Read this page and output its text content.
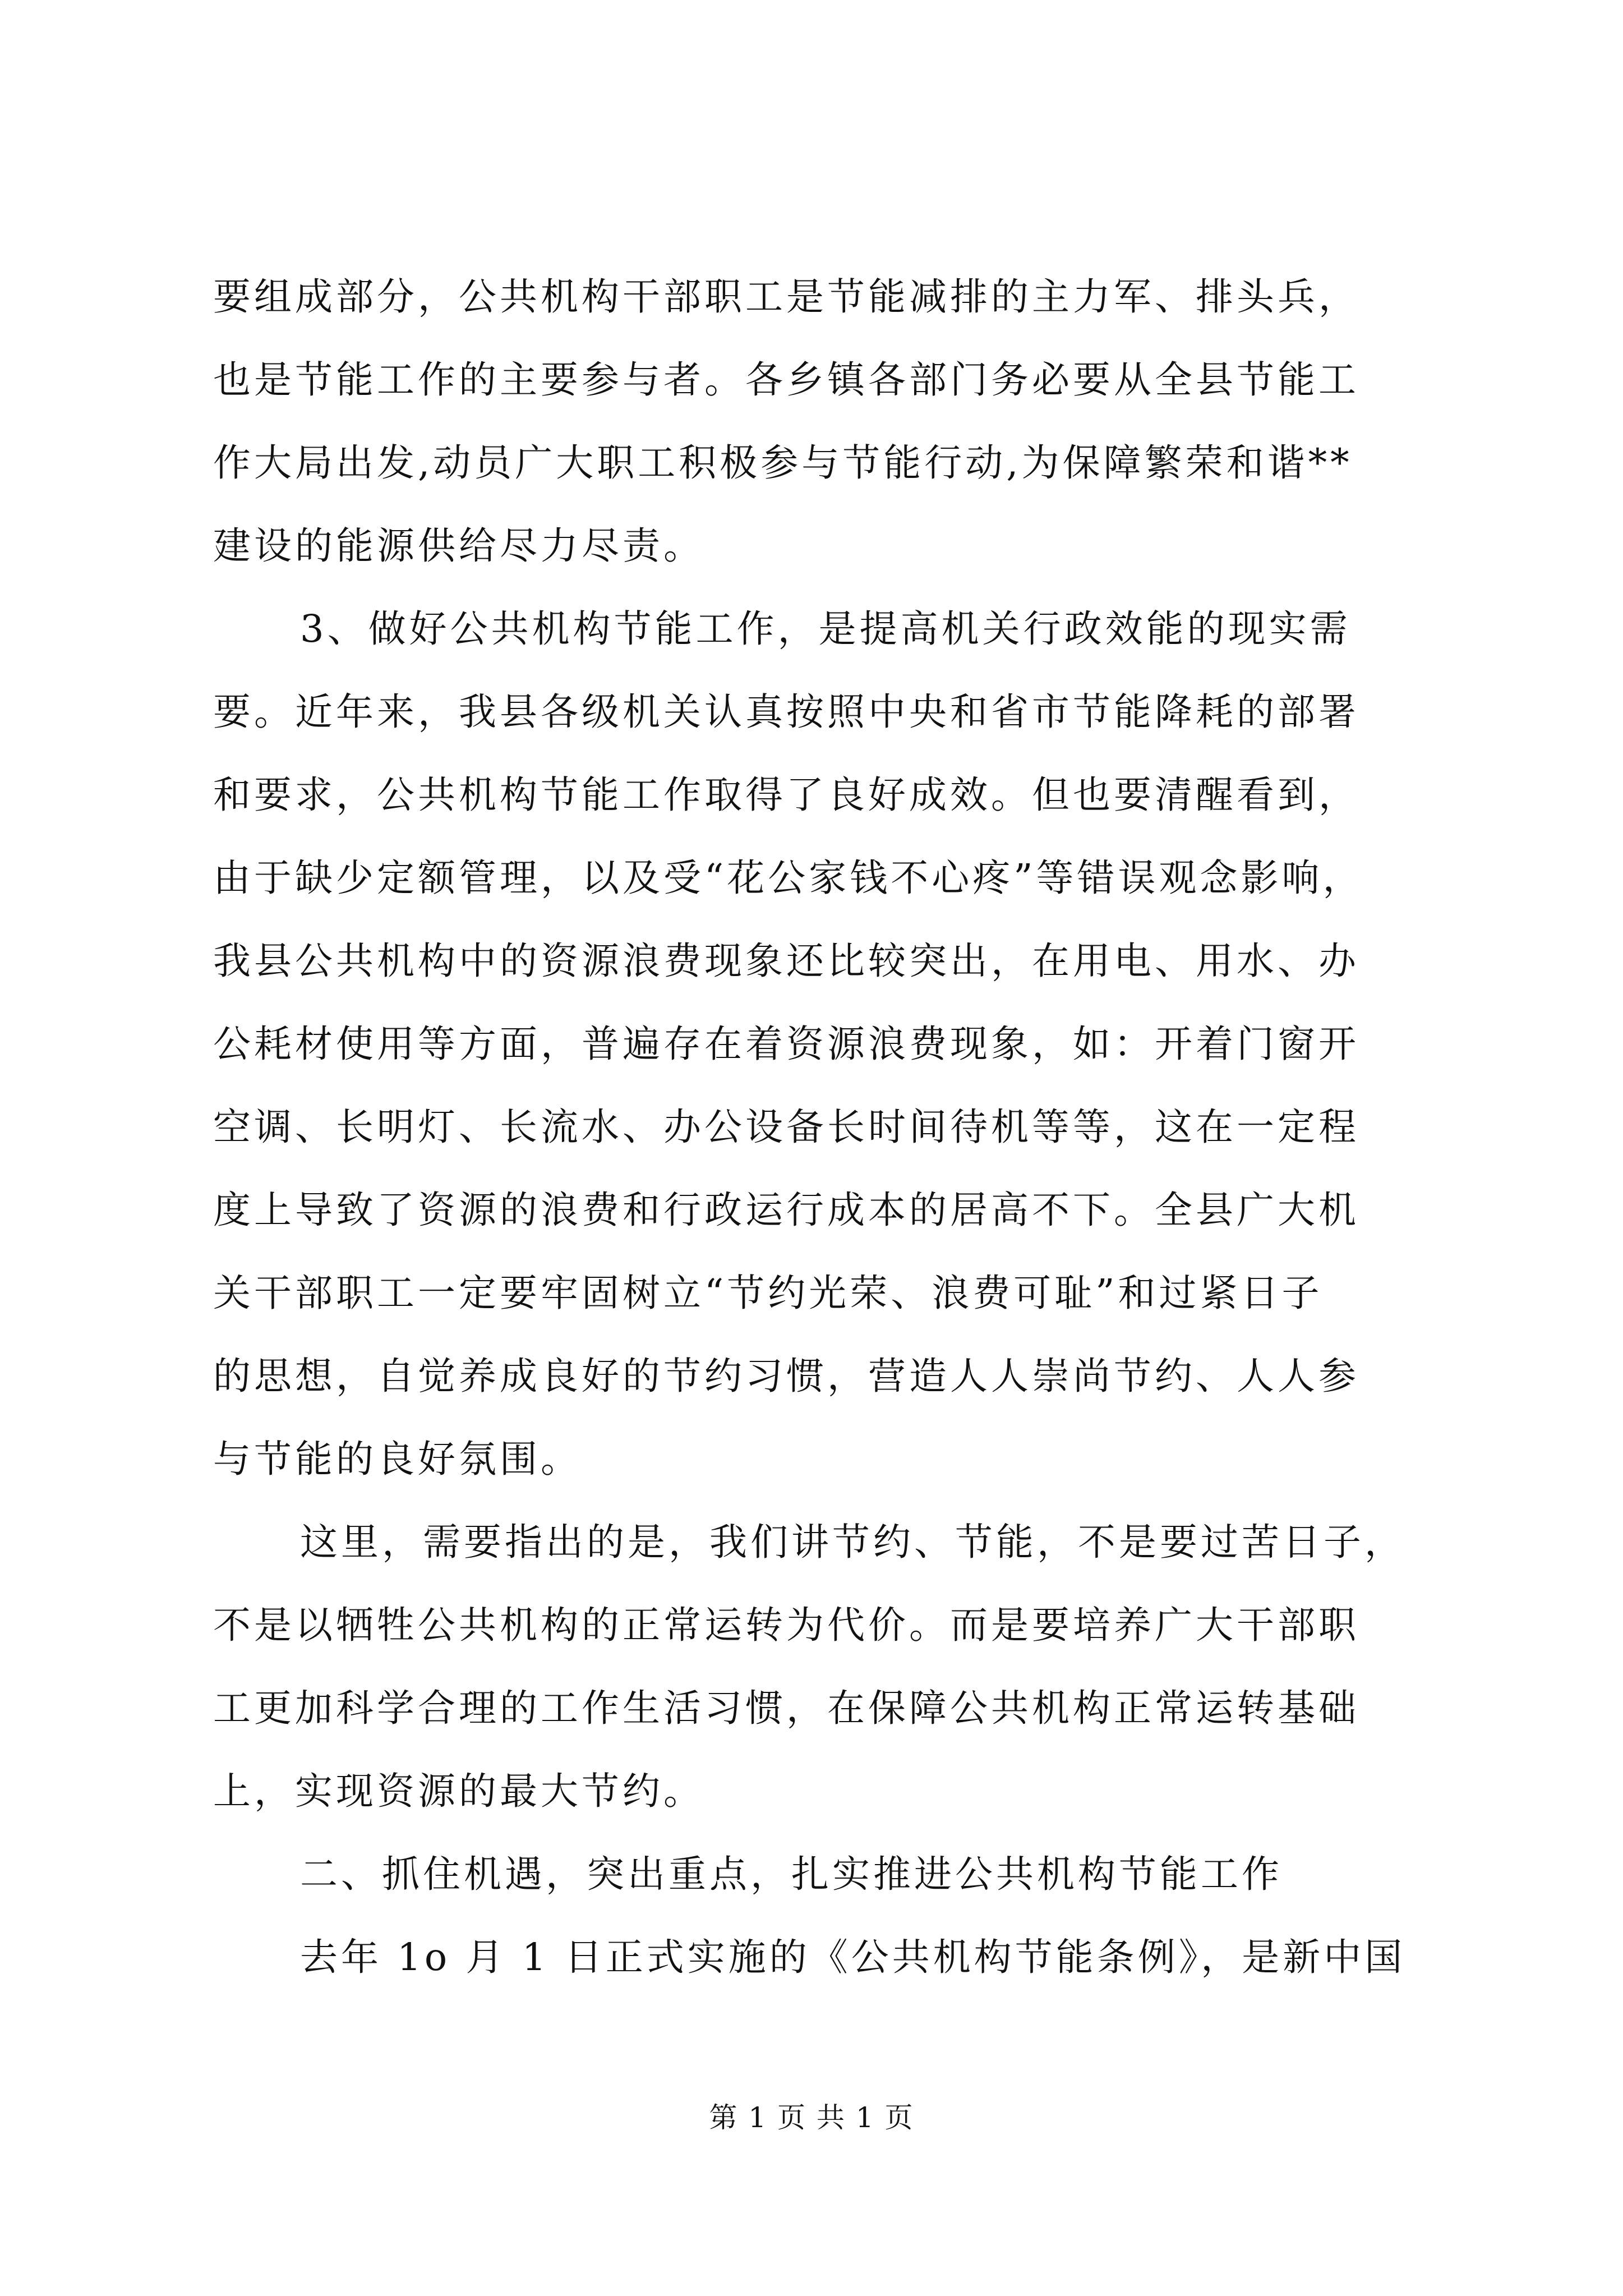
要组成部分，公共机构干部职工是节能减排的主力军、排头兵，
也是节能工作的主要参与者。各乡镇各部门务必要从全县节能工
作大局出发,动员广大职工积极参与节能行动,为保障繁荣和谐**
建设的能源供给尽力尽责。
3、做好公共机构节能工作，是提高机关行政效能的现实需
要。近年来，我县各级机关认真按照中央和省市节能降耗的部署
和要求，公共机构节能工作取得了良好成效。但也要清醒看到，
由于缺少定额管理，以及受“花公家钱不心疼”等错误观念影响，
我县公共机构中的资源浪费现象还比较突出，在用电、用水、办
公耗材使用等方面，普遍存在着资源浪费现象，如：开着门窗开
空调、长明灯、长流水、办公设备长时间待机等等，这在一定程
度上导致了资源的浪费和行政运行成本的居高不下。全县广大机
关干部职工一定要牢固树立“节约光荣、浪费可耻”和过紧日子
的思想，自觉养成良好的节约习惯，营造人人崇尚节约、人人参
与节能的良好氛围。
这里，需要指出的是，我们讲节约、节能，不是要过苦日子，
不是以牺牲公共机构的正常运转为代价。而是要培养广大干部职
工更加科学合理的工作生活习惯，在保障公共机构正常运转基础
上，实现资源的最大节约。
二、抓住机遇，突出重点，扎实推进公共机构节能工作
去年 1o 月 1 日正式实施的《公共机构节能条例》，是新中国
第 1 页 共 1 页
